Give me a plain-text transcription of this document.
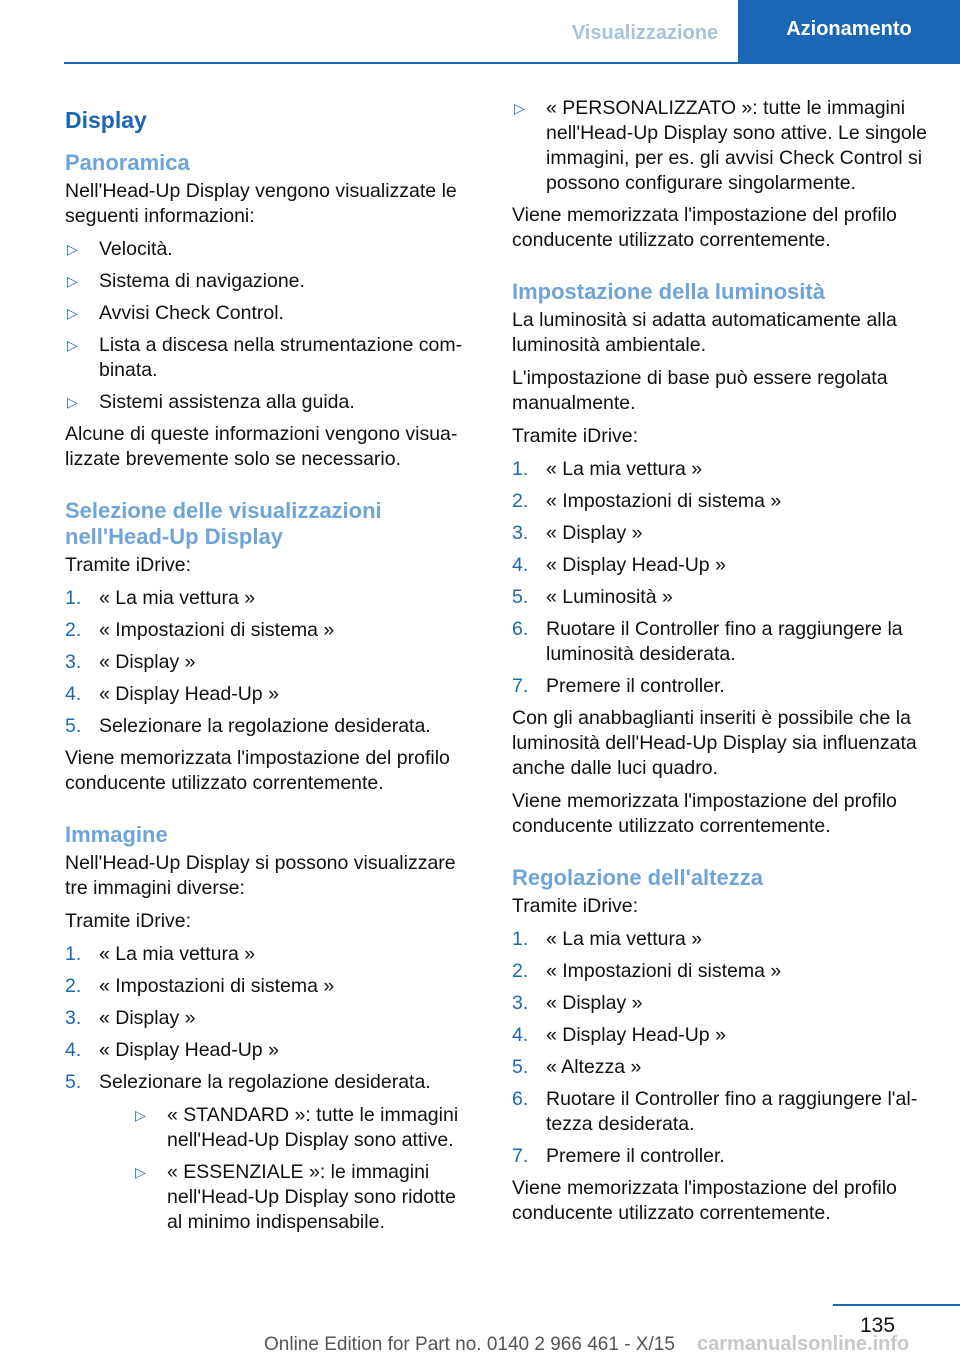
Visualizzazione	Azionamento
Display
Panoramica

Nell'Head-Up Display vengono visualizzate le seguenti informazioni:

▷ Velocità.
▷ Sistema di navigazione.
▷ Avvisi Check Control.
▷ Lista a discesa nella strumentazione combinata.
▷ Sistemi assistenza alla guida.

Alcune di queste informazioni vengono visualizzate brevemente solo se necessario.

Selezione delle visualizzazioni nell'Head-Up Display

Tramite iDrive:

1. « La mia vettura »
2. « Impostazioni di sistema »
3. « Display »
4. « Display Head-Up »
5. Selezionare la regolazione desiderata.

Viene memorizzata l'impostazione del profilo conducente utilizzato correntemente.

Immagine

Nell'Head-Up Display si possono visualizzare tre immagini diverse:

Tramite iDrive:

1. « La mia vettura »
2. « Impostazioni di sistema »
3. « Display »
4. « Display Head-Up »
5. Selezionare la regolazione desiderata.
▷ « STANDARD »: tutte le immagini nell'Head-Up Display sono attive.
▷ « ESSENZIALE »: le immagini nell'Head-Up Display sono ridotte al minimo indispensabile.
▷ « PERSONALIZZATO »: tutte le immagini nell'Head-Up Display sono attive. Le singole immagini, per es. gli avvisi Check Control si possono configurare singolarmente.

Viene memorizzata l'impostazione del profilo conducente utilizzato correntemente.

Impostazione della luminosità

La luminosità si adatta automaticamente alla luminosità ambientale.

L'impostazione di base può essere regolata manualmente.

Tramite iDrive:

1. « La mia vettura »
2. « Impostazioni di sistema »
3. « Display »
4. « Display Head-Up »
5. « Luminosità »
6. Ruotare il Controller fino a raggiungere la luminosità desiderata.
7. Premere il controller.

Con gli anabbaglianti inseriti è possibile che la luminosità dell'Head-Up Display sia influenzata anche dalle luci quadro.

Viene memorizzata l'impostazione del profilo conducente utilizzato correntemente.

Regolazione dell'altezza

Tramite iDrive:

1. « La mia vettura »
2. « Impostazioni di sistema »
3. « Display »
4. « Display Head-Up »
5. « Altezza »
6. Ruotare il Controller fino a raggiungere l'altezza desiderata.
7. Premere il controller.

Viene memorizzata l'impostazione del profilo conducente utilizzato correntemente.

135
Online Edition for Part no. 0140 2 966 461 - X/15 carmanualsonline.info
